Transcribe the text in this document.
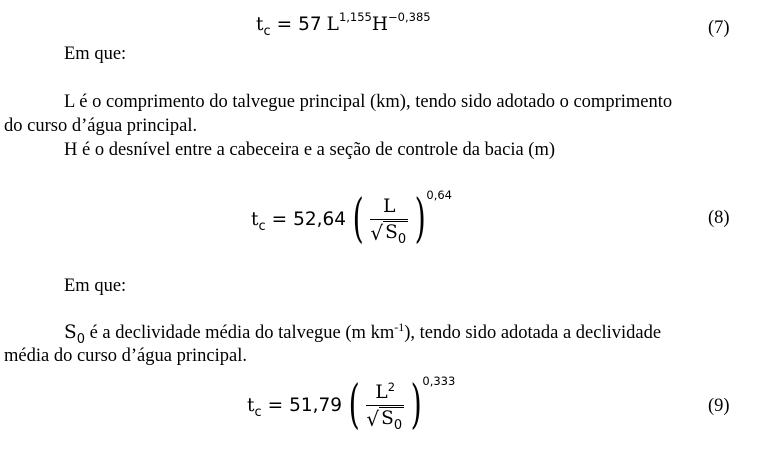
$t_c = 57$ L 1,155 H −0,385
(7)
Em que:
L é o comprimento do talvegue principal (km), tendo sido adotado o comprimento
do curso d’água principal.
H é o desnível entre a cabeceira e a seção de controle da bacia (m)
$t_c = 52,64$ ( $\frac{L}{√ S_0}$ ) 0,64
(8)
Em que:
$S_0$ é a declividade média do talvegue (m $km^{-1}$), tendo sido adotada a declividade
média do curso d’água principal.
$t_c = 51,79$ ( $\frac{L^2}{√ S_0}$ ) 0,333
(9)
